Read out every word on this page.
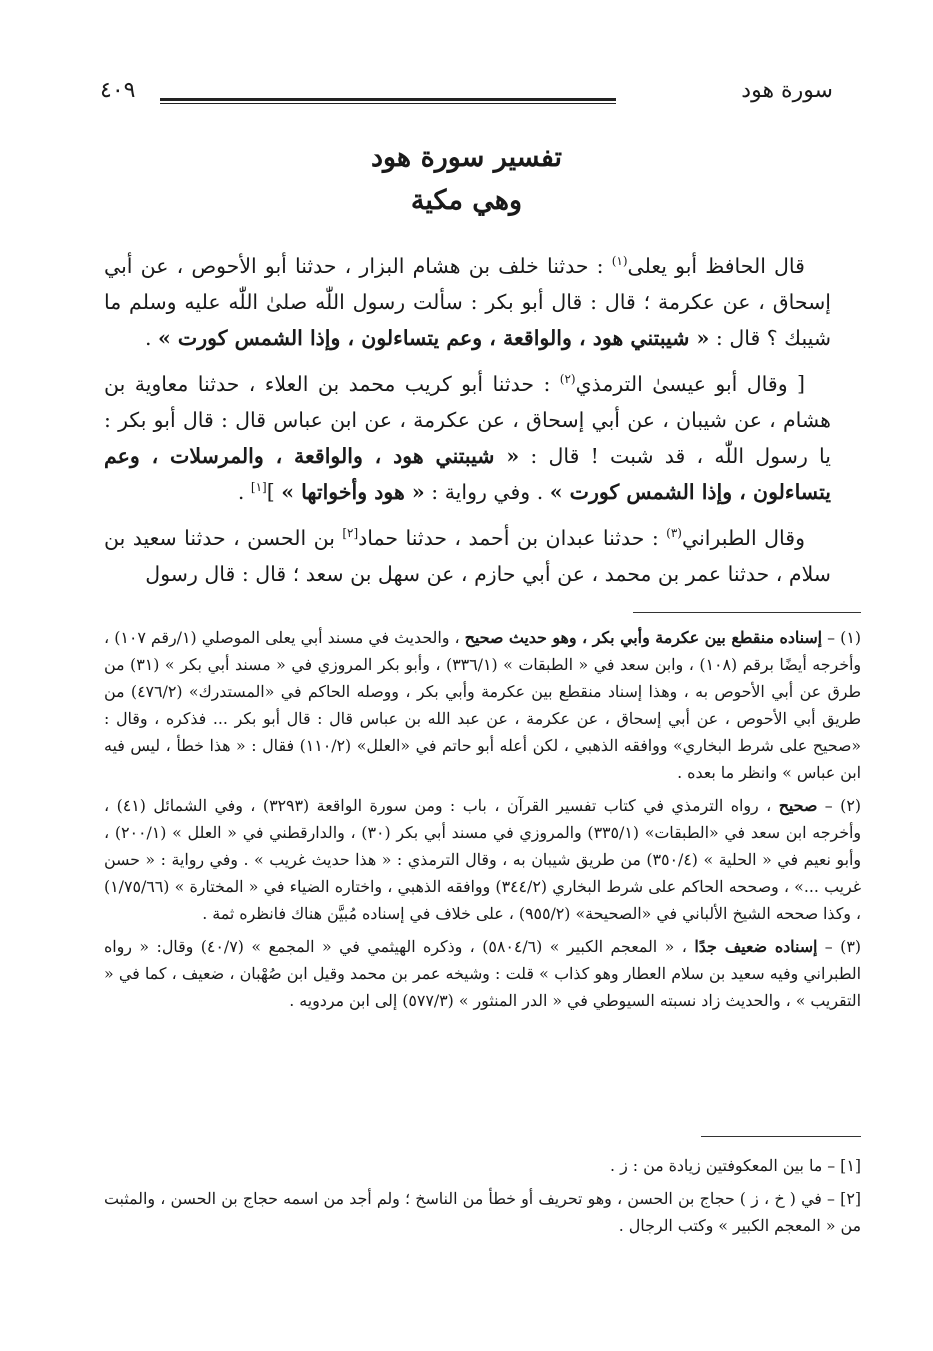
سورة هود
٤٠٩
تفسير سورة هود
وهي مكية

قال الحافظ أبو يعلى$^{(١)}$ : حدثنا خلف بن هشام البزار ، حدثنا أبو الأحوص ، عن أبي إسحاق ، عن عكرمة ؛ قال : قال أبو بكر : سألت رسول اللّٰه صلىٰ اللّٰه عليه وسلم ما شيبك ؟ قال : « شيبتني هود ، والواقعة ، وعم يتساءلون ، وإذا الشمس كورت » .

[ وقال أبو عيسىٰ الترمذي$^{(٢)}$ : حدثنا أبو كريب محمد بن العلاء ، حدثنا معاوية بن هشام ، عن شيبان ، عن أبي إسحاق ، عن عكرمة ، عن ابن عباس قال : قال أبو بكر : يا رسول اللّٰه ، قد شبت ! قال : « شيبتني هود ، والواقعة ، والمرسلات ، وعم يتساءلون ، وإذا الشمس كورت » . وفي رواية : « هود وأخواتها » ][١] .

وقال الطبراني$^{(٣)}$ : حدثنا عبدان بن أحمد ، حدثنا حماد[٢] بن الحسن ، حدثنا سعيد بن سلام ، حدثنا عمر بن محمد ، عن أبي حازم ، عن سهل بن سعد ؛ قال : قال رسول

(١) – إسناده منقطع بين عكرمة وأبي بكر ، وهو حديث صحيح ، والحديث في مسند أبي يعلى الموصلي (١/رقم ١٠٧) ، وأخرجه أيضًا برقم (١٠٨) ، وابن سعد في « الطبقات » (٣٣٦/١) ، وأبو بكر المروزي في « مسند أبي بكر » (٣١) من طرق عن أبي الأحوص به ، وهذا إسناد منقطع بين عكرمة وأبي بكر ، ووصله الحاكم في «المستدرك» (٤٧٦/٢) من طريق أبي الأحوص ، عن أبي إسحاق ، عن عكرمة ، عن عبد الله بن عباس قال : قال أبو بكر ... فذكره ، وقال : «صحيح على شرط البخاري» ووافقه الذهبي ، لكن أعله أبو حاتم في «العلل» (١١٠/٢) فقال : « هذا خطأ ، ليس فيه ابن عباس » وانظر ما بعده .
(٢) – صحيح ، رواه الترمذي في كتاب تفسير القرآن ، باب : ومن سورة الواقعة (٣٢٩٣) ، وفي الشمائل (٤١) ، وأخرجه ابن سعد في «الطبقات» (٣٣٥/١) والمروزي في مسند أبي بكر (٣٠) ، والدارقطني في « العلل » (٢٠٠/١) ، وأبو نعيم في « الحلية » (٣٥٠/٤) من طريق شيبان به ، وقال الترمذي : « هذا حديث غريب » . وفي رواية : « حسن غريب ...» ، وصححه الحاكم على شرط البخاري (٣٤٤/٢) ووافقه الذهبي ، واختاره الضياء في « المختارة » (١/٧٥/٦٦) ، وكذا صححه الشيخ الألباني في «الصحيحة» (٩٥٥/٢) ، على خلاف في إسناده مُبيَّن هناك فانظره ثمة .
(٣) – إسناده ضعيف جدًا ، « المعجم الكبير » (٥٨٠٤/٦) ، وذكره الهيثمي في « المجمع » (٤٠/٧) وقال: « رواه الطبراني وفيه سعيد بن سلام العطار وهو كذاب » قلت : وشيخه عمر بن محمد وقيل ابن صُهْبان ، ضعيف ، كما في « التقريب » ، والحديث زاد نسبته السيوطي في « الدر المنثور » (٥٧٧/٣) إلى ابن مردويه .
[١] – ما بين المعكوفتين زيادة من : ز .
[٢] – في ( خ ، ز ) حجاج بن الحسن ، وهو تحريف أو خطأ من الناسخ ؛ ولم أجد من اسمه حجاج بن الحسن ، والمثبت من « المعجم الكبير » وكتب الرجال .
